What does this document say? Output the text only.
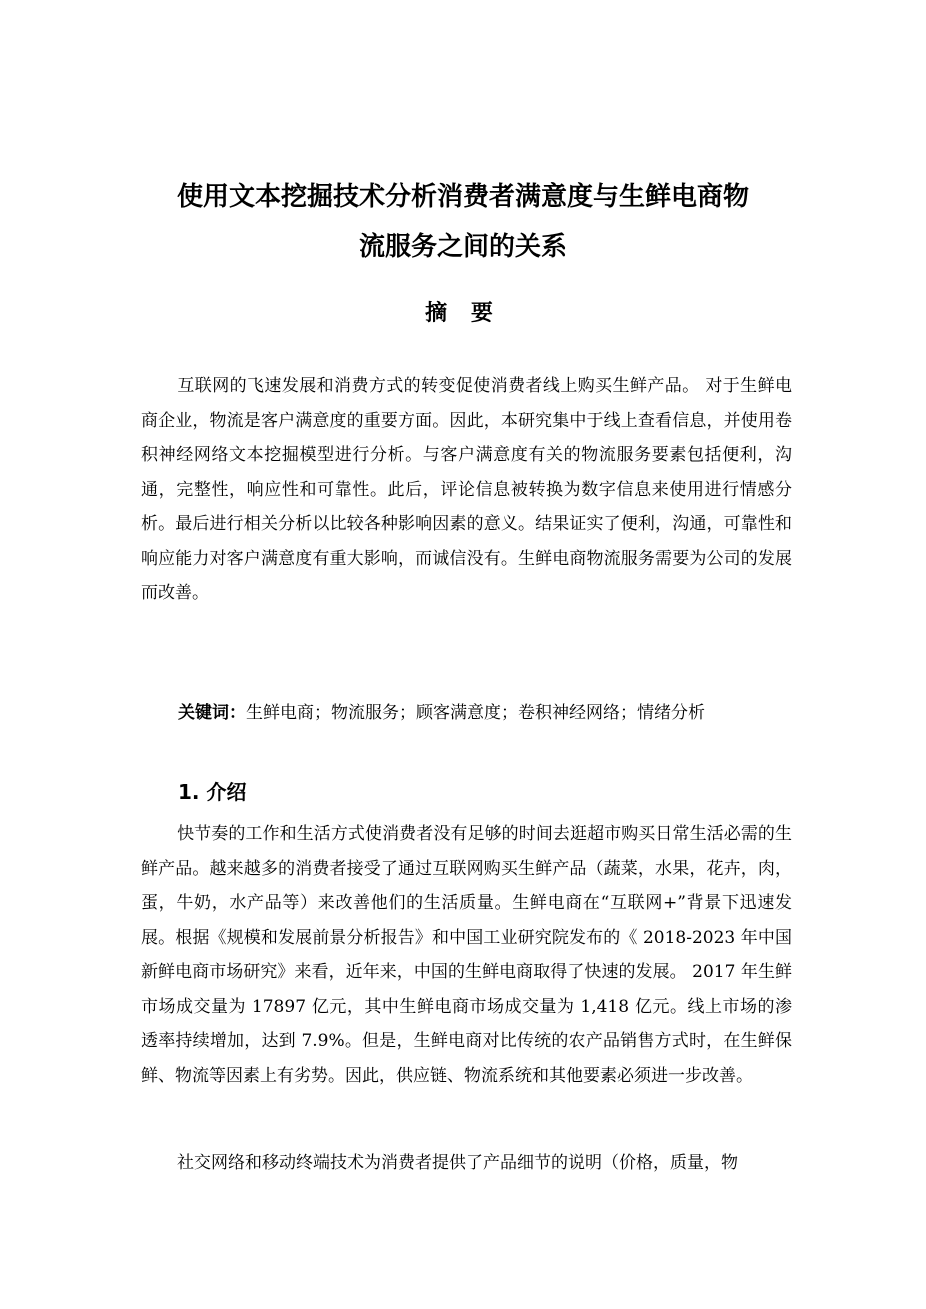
使用文本挖掘技术分析消费者满意度与生鲜电商物
流服务之间的关系
摘 要

互联网的飞速发展和消费方式的转变促使消费者线上购买生鲜产品。 对于生鲜电商企业，物流是客户满意度的重要方面。因此，本研究集中于线上查看信息，并使用卷积神经网络文本挖掘模型进行分析。与客户满意度有关的物流服务要素包括便利，沟通，完整性，响应性和可靠性。此后，评论信息被转换为数字信息来使用进行情感分析。最后进行相关分析以比较各种影响因素的意义。结果证实了便利，沟通，可靠性和响应能力对客户满意度有重大影响，而诚信没有。生鲜电商物流服务需要为公司的发展而改善。

关键词：生鲜电商；物流服务；顾客满意度；卷积神经网络；情绪分析

1. 介绍

快节奏的工作和生活方式使消费者没有足够的时间去逛超市购买日常生活必需的生鲜产品。越来越多的消费者接受了通过互联网购买生鲜产品（蔬菜，水果，花卉，肉，蛋，牛奶，水产品等）来改善他们的生活质量。生鲜电商在“互联网+”背景下迅速发展。根据《规模和发展前景分析报告》和中国工业研究院发布的《 2018-2023 年中国新鲜电商市场研究》来看，近年来，中国的生鲜电商取得了快速的发展。 2017 年生鲜市场成交量为 17897 亿元，其中生鲜电商市场成交量为 1,418 亿元。线上市场的渗透率持续增加，达到 7.9%。但是，生鲜电商对比传统的农产品销售方式时，在生鲜保鲜、物流等因素上有劣势。因此，供应链、物流系统和其他要素必须进一步改善。

社交网络和移动终端技术为消费者提供了产品细节的说明（价格，质量，物
